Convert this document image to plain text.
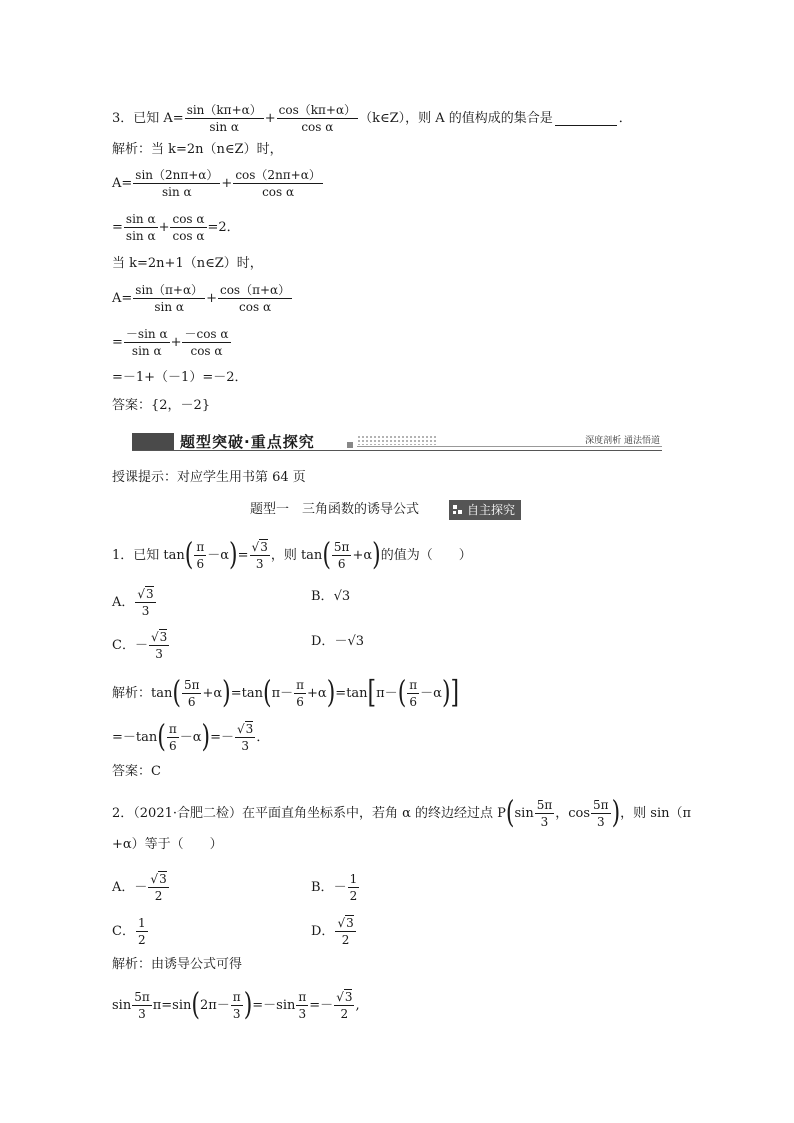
3．已知 $A= \frac{\sin(k\pi+\alpha)}{\text{sin α}} + \frac{\cos(k\pi+\alpha)}{\text{cos α}}$ （k∈Z），则 A 的值构成的集合是	．
解析：当 k=2n（n∈Z）时，
$A= \frac{\sin(2n\pi+\alpha)}{\text{sin α}} + \frac{\cos(2n\pi+\alpha)}{\text{cos α}}$
= $\frac{\text{sin α}}{\text{sin α}} + \frac{\text{cos α}}{\text{cos α}} =2$．
当 k=2n+1（n∈Z）时，
$A= \frac{\sin(\pi+\alpha)}{\text{sin α}} + \frac{\cos(\pi+\alpha)}{\text{cos α}}$
= $\frac{\text{－sin α}}{\text{sin α}} + \frac{\text{－cos α}}{\text{cos α}}$
=－1+（－1）=－2．
答案：{2，－2}
题型突破·重点探究	深度剖析 通法悟道
授课提示：对应学生用书第 64 页
题型一　三角函数的诱导公式	自主探究
1．已知 tan ( $\frac{\pi}{6} -\alpha$ ) = $\frac{√3}{3}$ ，则 tan ( $\frac{5\pi}{6} +\alpha$ ) 的值为（　　）
A． $\frac{√3}{3}$	B． √3
C． － $\frac{√3}{3}$	D． －√3
解析：tan ( $\frac{5\pi}{6} +\alpha$ ) =tan ( $\pi- \frac{\pi}{6} +\alpha$ ) =tan [ π－ ( $\frac{\pi}{6} -\alpha$ ) ]
=－tan ( $\frac{\pi}{6} -\alpha$ ) =－ $\frac{√3}{3}$ ．
答案：C
2．（2021·合肥二检）在平面直角坐标系中，若角 α 的终边经过点 P ( $\sin \frac{5\pi}{3}$ ，$\cos \frac{5\pi}{3}$ ) ，则 sin（π
+α）等于（　　）
A． － $\frac{√3}{2}$	B． － $\frac{1}{2}$
C． $\frac{1}{2}$	D． $\frac{√3}{2}$
解析：由诱导公式可得
$\sin \frac{5\pi}{3} \pi=\sin$ ( $2\pi- \frac{\pi}{3}$ ) $=-\sin \frac{\pi}{3} =- \frac{√3}{2}$ ,
